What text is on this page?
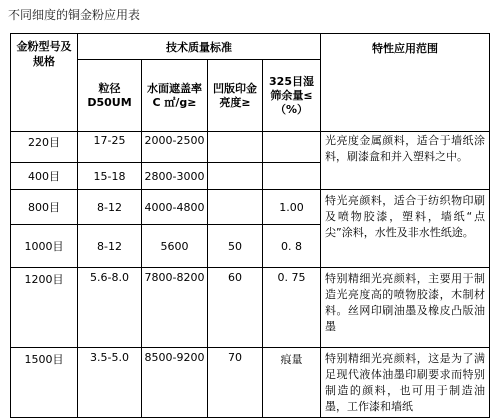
不同细度的铜金粉应用表
金粉型号及规格	技术质量标准				特性应用范围
	粒径 D50UM	水面遮盖率C ㎡/g≥	凹版印金亮度≥	325目湿筛余量≤（%）	
220目	17-25	2000-2500			光亮度金属颜料，适合于墙纸涂料，刷漆盒和并入塑料之中。
400目	15-18	2800-3000			
800目	8-12	4000-4800		1.00	特光亮颜料，适合于纺织物印刷及喷物胶漆，塑料，墙纸“点尖”涂料，水性及非水性纸途。
1000目	8-12	5600	50	0. 8	
1200目	5.6-8.0	7800-8200	60	0. 75	特别精细光亮颜料，主要用于制造光亮度高的喷物胶漆，木制材料。丝网印刷油墨及橡皮凸版油墨
1500目	3.5-5.0	8500-9200	70	痕量	特别精细光亮颜料，这是为了满足现代液体油墨印刷要求而特别制造的颜料，也可用于制造油墨，工作漆和墙纸
